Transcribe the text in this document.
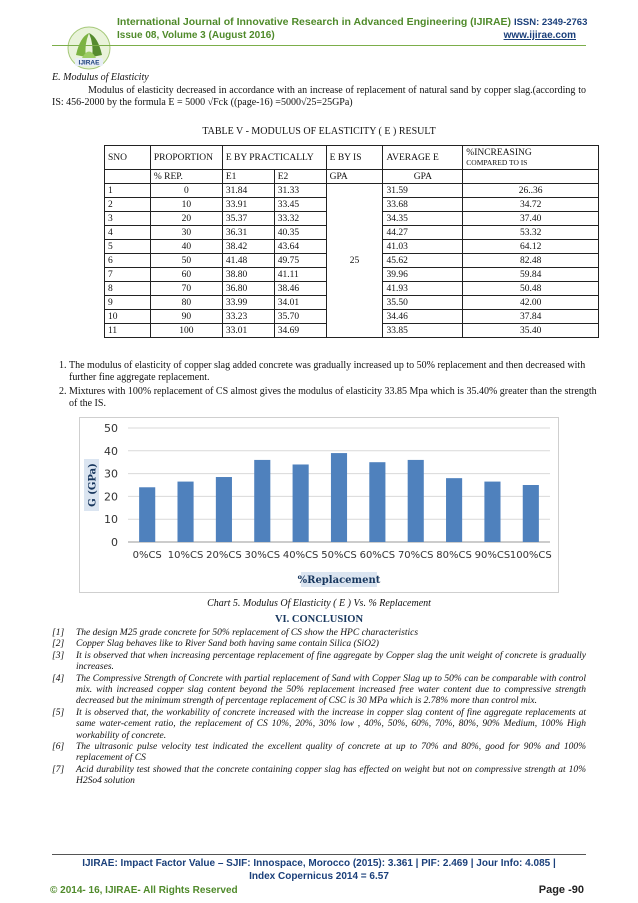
IJIRAE
International Journal of Innovative Research in Advanced Engineering (IJIRAE) ISSN: 2349-2763
Issue 08, Volume 3 (August 2016)	www.ijirae.com
E. Modulus of Elasticity
Modulus of elasticity decreased in accordance with an increase of replacement of natural sand by copper slag.(according to IS: 456-2000 by the formula E = 5000 √Fck ((page-16) =5000√25=25GPa)
TABLE V - MODULUS OF ELASTICITY ( E ) RESULT
SNO	PROPORTION	E BY PRACTICALLY		E BY IS	AVERAGE E	%INCREASING
COMPARED TO IS

	% REP.	E1	E2	GPA	GPA	
1	0	31.84	31.33	25	31.59	26..36
2	10	33.91	33.45		33.68	34.72
3	20	35.37	33.32		34.35	37.40
4	30	36.31	40.35		44.27	53.32
5	40	38.42	43.64		41.03	64.12
6	50	41.48	49.75		45.62	82.48
7	60	38.80	41.11		39.96	59.84
8	70	36.80	38.46		41.93	50.48
9	80	33.99	34.01		35.50	42.00
10	90	33.23	35.70		34.46	37.84
11	100	33.01	34.69		33.85	35.40
1. The modulus of elasticity of copper slag added concrete was gradually increased up to 50% replacement and then decreased with further fine aggregate replacement.
2. Mixtures with 100% replacement of CS almost gives the modulus of elasticity 33.85 Mpa which is 35.40% greater than the strength of the IS.
0
10
20
30
40
50
0%CS 10%CS 20%CS 30%CS 40%CS 50%CS 60%CS 70%CS 80%CS 90%CS 100%CS
G (GPa)
%Replacement
Chart 5. Modulus Of Elasticity ( E ) Vs. % Replacement
VI. CONCLUSION
[1] The design M25 grade concrete for 50% replacement of CS show the HPC characteristics
[2] Copper Slag behaves like to River Sand both having same contain Silica (SiO2)
[3] It is observed that when increasing percentage replacement of fine aggregate by Copper slag the unit weight of concrete is gradually increases.
[4] The Compressive Strength of Concrete with partial replacement of Sand with Copper Slag up to 50% can be comparable with control mix. with increased copper slag content beyond the 50% replacement increased free water content due to compressive strength decreased but the minimum strength of percentage replacement of CSC is 30 MPa which is 2.78% more than control mix.
[5] It is observed that, the workability of concrete increased with the increase in copper slag content of fine aggregate replacements at same water-cement ratio, the replacement of CS 10%, 20%, 30% low , 40%, 50%, 60%, 70%, 80%, 90% Medium, 100% High workability of concrete.
[6] The ultrasonic pulse velocity test indicated the excellent quality of concrete at up to 70% and 80%, good for 90% and 100% replacement of CS
[7] Acid durability test showed that the concrete containing copper slag has effected on weight but not on compressive strength at 10% H2So4 solution
IJIRAE: Impact Factor Value – SJIF: Innospace, Morocco (2015): 3.361 | PIF: 2.469 | Jour Info: 4.085 |
Index Copernicus 2014 = 6.57
© 2014- 16, IJIRAE- All Rights Reserved	Page -90
